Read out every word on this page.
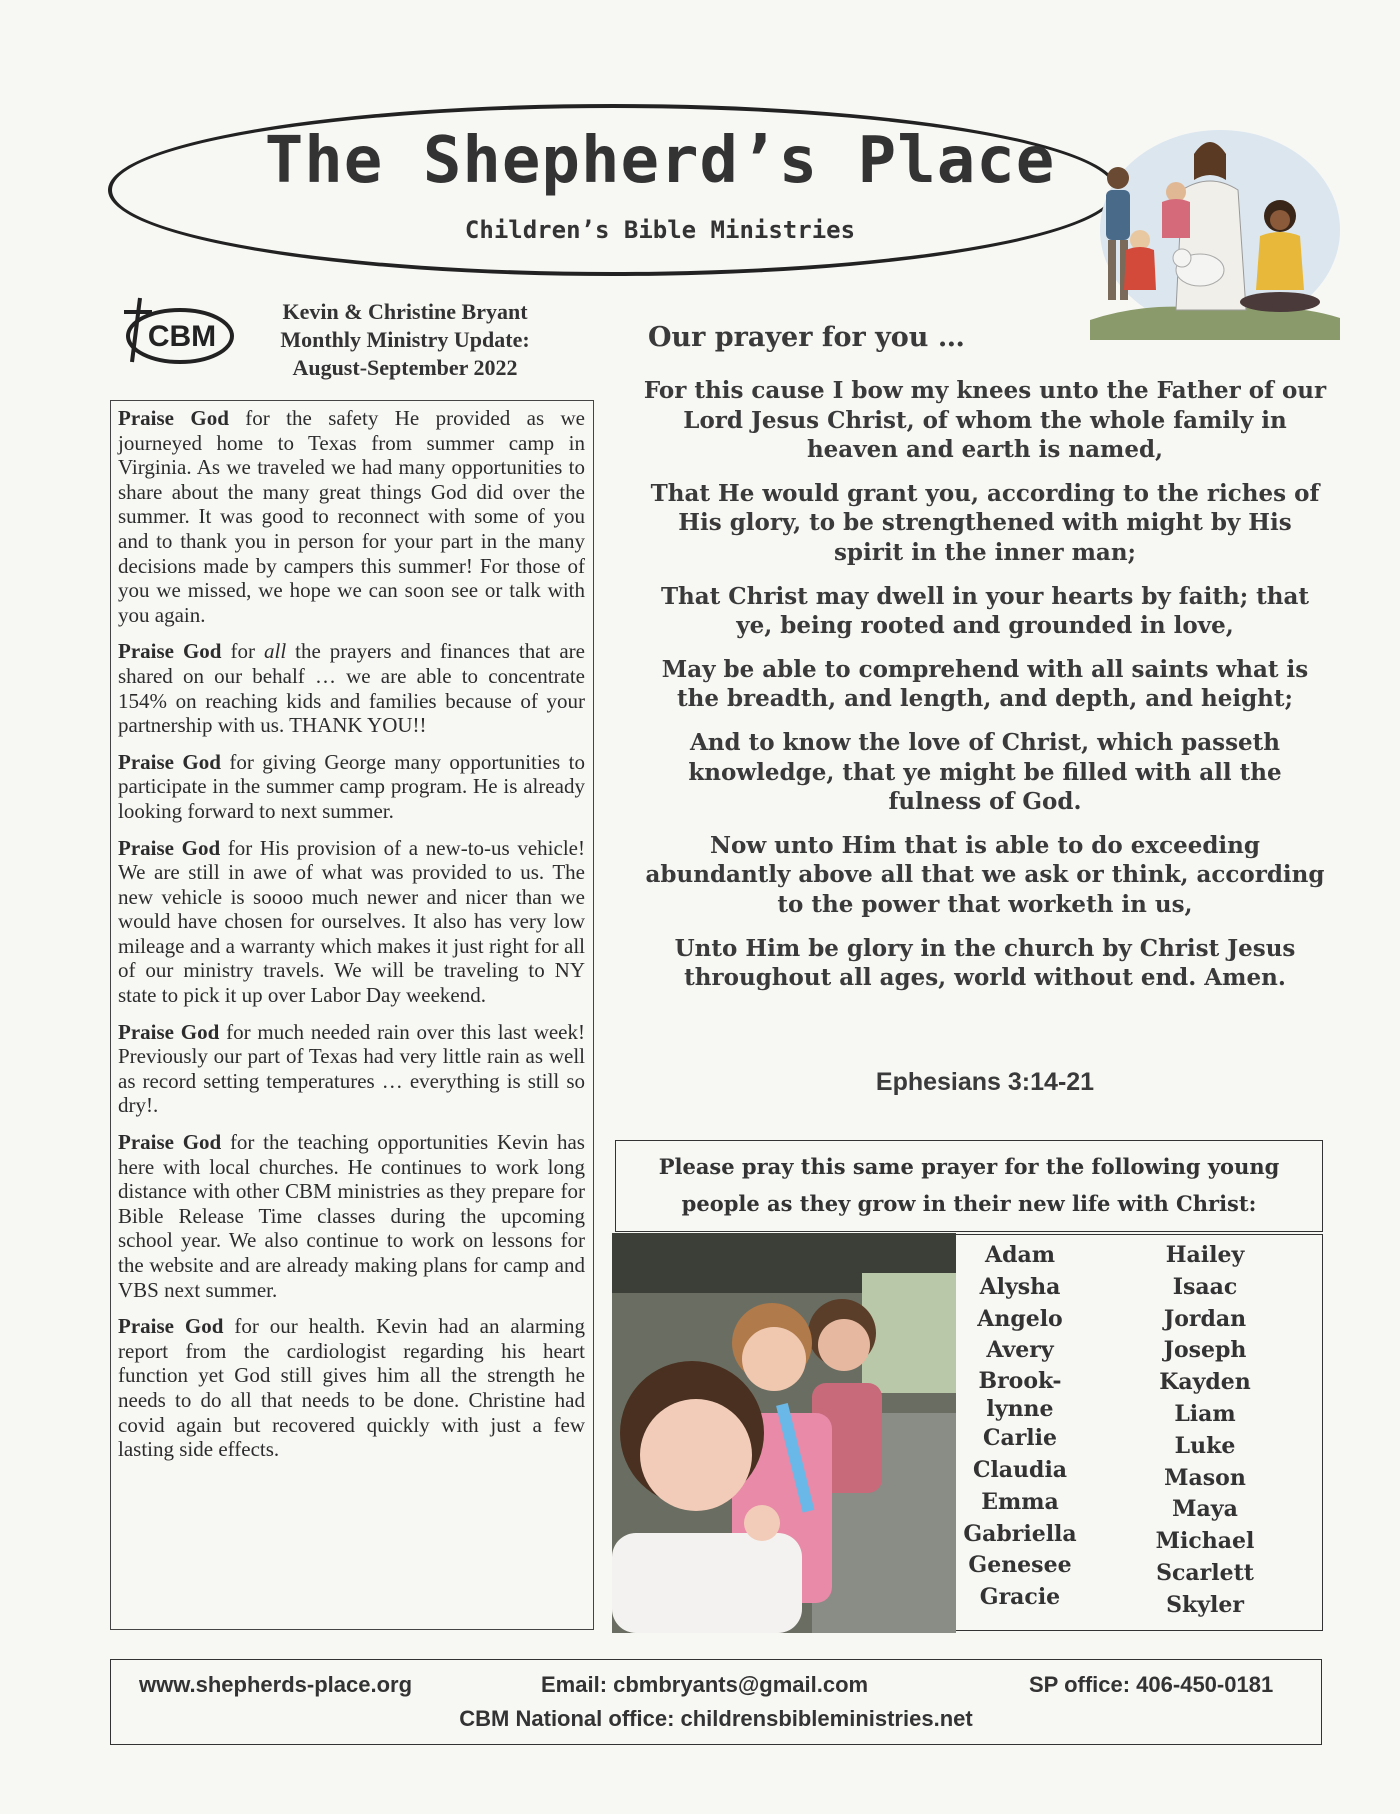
The Shepherd’s Place
Children’s Bible Ministries
CBM
Kevin & Christine Bryant
Monthly Ministry Update:
August-September 2022

Praise God for the safety He provided as we journeyed home to Texas from summer camp in Virginia. As we traveled we had many opportunities to share about the many great things God did over the summer. It was good to reconnect with some of you and to thank you in person for your part in the many decisions made by campers this summer! For those of you we missed, we hope we can soon see or talk with you again.

Praise God for all the prayers and finances that are shared on our behalf … we are able to concentrate 154% on reaching kids and families because of your partnership with us. THANK YOU!!

Praise God for giving George many opportunities to participate in the summer camp program. He is already looking forward to next summer.

Praise God for His provision of a new-to-us vehicle! We are still in awe of what was provided to us. The new vehicle is soooo much newer and nicer than we would have chosen for ourselves. It also has very low mileage and a warranty which makes it just right for all of our ministry travels. We will be traveling to NY state to pick it up over Labor Day weekend.

Praise God for much needed rain over this last week! Previously our part of Texas had very little rain as well as record setting temperatures … everything is still so dry!.

Praise God for the teaching opportunities Kevin has here with local churches. He continues to work long distance with other CBM ministries as they prepare for Bible Release Time classes during the upcoming school year. We also continue to work on lessons for the website and are already making plans for camp and VBS next summer.

Praise God for our health. Kevin had an alarming report from the cardiologist regarding his heart function yet God still gives him all the strength he needs to do all that needs to be done. Christine had covid again but recovered quickly with just a few lasting side effects.

Our prayer for you …
For this cause I bow my knees unto the Father of our Lord Jesus Christ, of whom the whole family in heaven and earth is named,
That He would grant you, according to the riches of His glory, to be strengthened with might by His spirit in the inner man;
That Christ may dwell in your hearts by faith; that ye, being rooted and grounded in love,
May be able to comprehend with all saints what is the breadth, and length, and depth, and height;
And to know the love of Christ, which passeth knowledge, that ye might be filled with all the fulness of God.
Now unto Him that is able to do exceeding abundantly above all that we ask or think, according to the power that worketh in us,
Unto Him be glory in the church by Christ Jesus throughout all ages, world without end. Amen.
Ephesians 3:14-21
Please pray this same prayer for the following young
people as they grow in their new life with Christ:
Adam
Alysha
Angelo
Avery
Brook-
lynne
Carlie
Claudia
Emma
Gabriella
Genesee
Gracie
Hailey
Isaac
Jordan
Joseph
Kayden
Liam
Luke
Mason
Maya
Michael
Scarlett
Skyler
www.shepherds-place.org	Email: cbmbryants@gmail.com	SP office: 406-450-0181
CBM National office: childrensbibleministries.net
